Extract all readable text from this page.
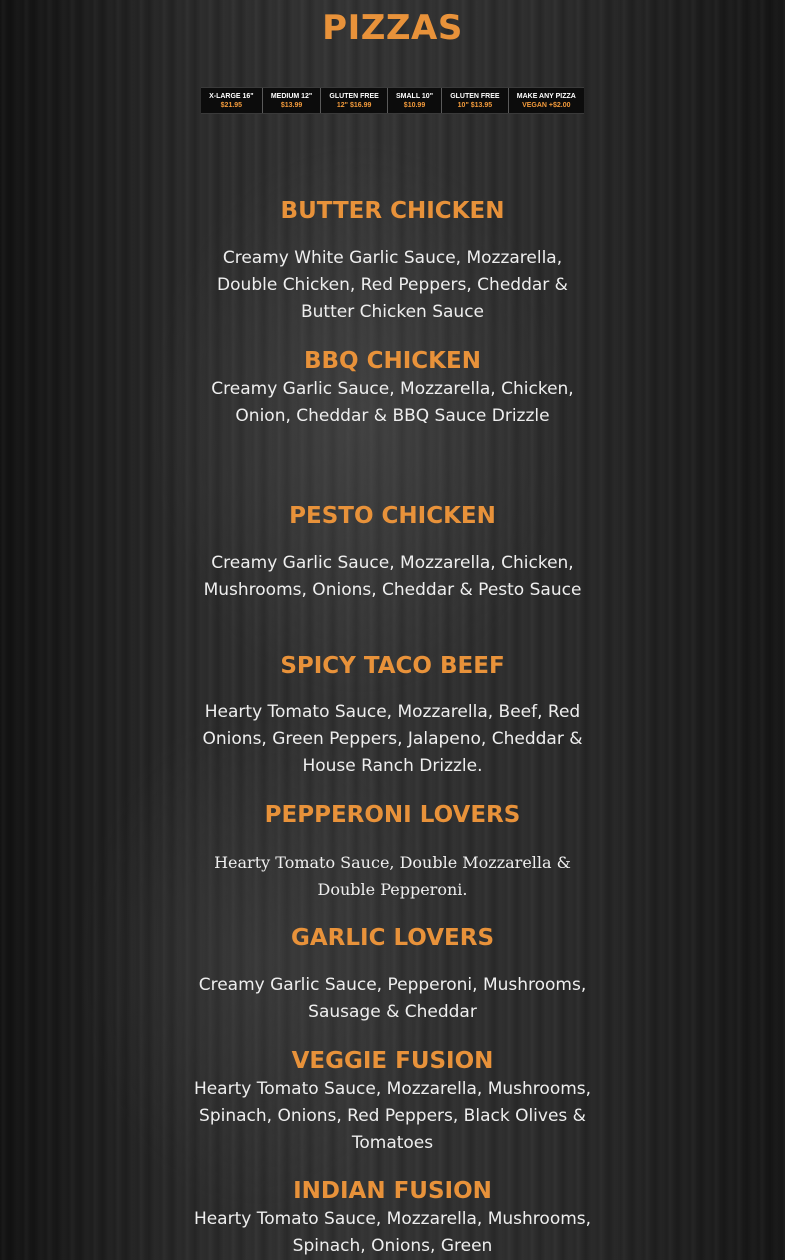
PIZZAS
X-LARGE 16"
$21.95
MEDIUM 12"
$13.99
GLUTEN FREE
12" $16.99
SMALL 10"
$10.99
GLUTEN FREE
10" $13.95
MAKE ANY PIZZA
VEGAN +$2.00
BUTTER CHICKEN

Creamy White Garlic Sauce, Mozzarella, Double Chicken, Red Peppers, Cheddar & Butter Chicken Sauce

BBQ CHICKEN

Creamy Garlic Sauce, Mozzarella, Chicken, Onion, Cheddar & BBQ Sauce Drizzle

PESTO CHICKEN

Creamy Garlic Sauce, Mozzarella, Chicken, Mushrooms, Onions, Cheddar & Pesto Sauce

SPICY TACO BEEF

Hearty Tomato Sauce, Mozzarella, Beef, Red Onions, Green Peppers, Jalapeno, Cheddar & House Ranch Drizzle.

PEPPERONI LOVERS

Hearty Tomato Sauce, Double Mozzarella & Double Pepperoni.

GARLIC LOVERS

Creamy Garlic Sauce, Pepperoni, Mushrooms, Sausage & Cheddar

VEGGIE FUSION

Hearty Tomato Sauce, Mozzarella, Mushrooms, Spinach, Onions, Red Peppers, Black Olives & Tomatoes

INDIAN FUSION

Hearty Tomato Sauce, Mozzarella, Mushrooms, Spinach, Onions, Green
